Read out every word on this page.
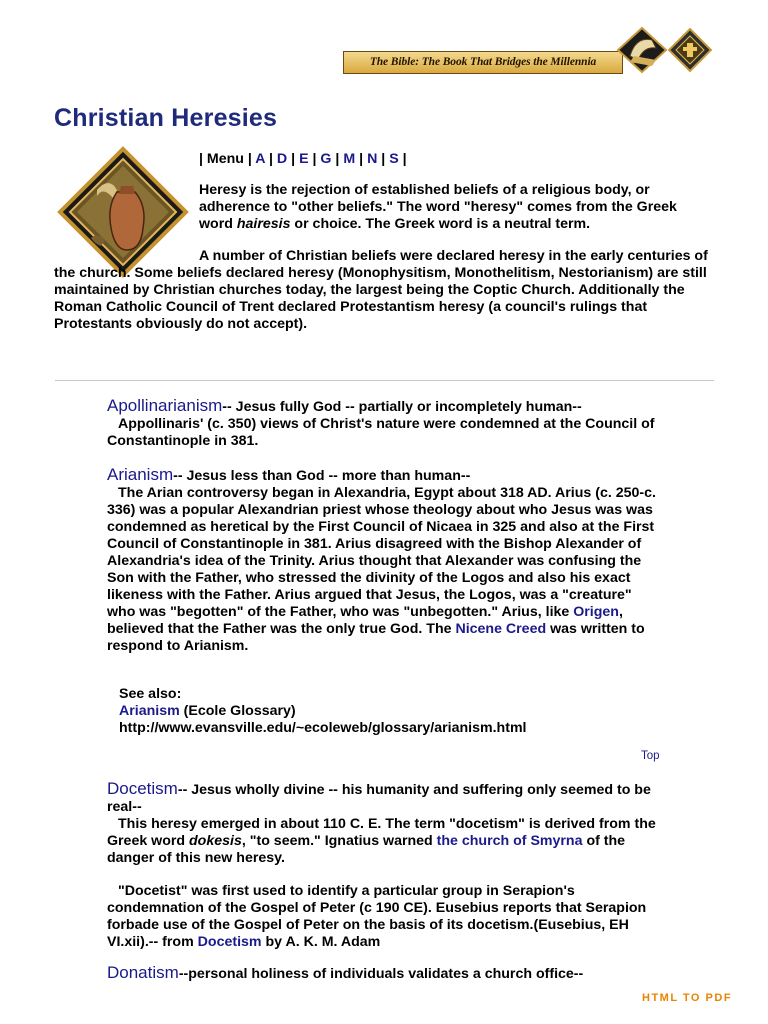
The Bible: The Book That Bridges the Millennia
Christian Heresies
| Menu | A | D | E | G | M | N | S |
Heresy is the rejection of established beliefs of a religious body, or adherence to "other beliefs." The word "heresy" comes from the Greek word hairesis or choice. The Greek word is a neutral term.
A number of Christian beliefs were declared heresy in the early centuries of the church. Some beliefs declared heresy (Monophysitism, Monothelitism, Nestorianism) are still maintained by Christian churches today, the largest being the Coptic Church. Additionally the Roman Catholic Council of Trent declared Protestantism heresy (a council's rulings that Protestants obviously do not accept).
Apollinarianism-- Jesus fully God -- partially or incompletely human--
Appollinaris' (c. 350) views of Christ's nature were condemned at the Council of Constantinople in 381.
Arianism-- Jesus less than God -- more than human--
The Arian controversy began in Alexandria, Egypt about 318 AD. Arius (c. 250-c. 336) was a popular Alexandrian priest whose theology about who Jesus was was condemned as heretical by the First Council of Nicaea in 325 and also at the First Council of Constantinople in 381. Arius disagreed with the Bishop Alexander of Alexandria's idea of the Trinity. Arius thought that Alexander was confusing the Son with the Father, who stressed the divinity of the Logos and also his exact likeness with the Father. Arius argued that Jesus, the Logos, was a "creature" who was "begotten" of the Father, who was "unbegotten." Arius, like Origen, believed that the Father was the only true God. The Nicene Creed was written to respond to Arianism.
See also:
Arianism (Ecole Glossary)
http://www.evansville.edu/~ecoleweb/glossary/arianism.html
Top
Docetism-- Jesus wholly divine -- his humanity and suffering only seemed to be real--
This heresy emerged in about 110 C. E. The term "docetism" is derived from the Greek word dokesis, "to seem." Ignatius warned the church of Smyrna of the danger of this new heresy.
"Docetist" was first used to identify a particular group in Serapion's condemnation of the Gospel of Peter (c 190 CE). Eusebius reports that Serapion forbade use of the Gospel of Peter on the basis of its docetism.(Eusebius, EH VI.xii).-- from Docetism by A. K. M. Adam
Donatism--personal holiness of individuals validates a church office--
HTML TO PDF
